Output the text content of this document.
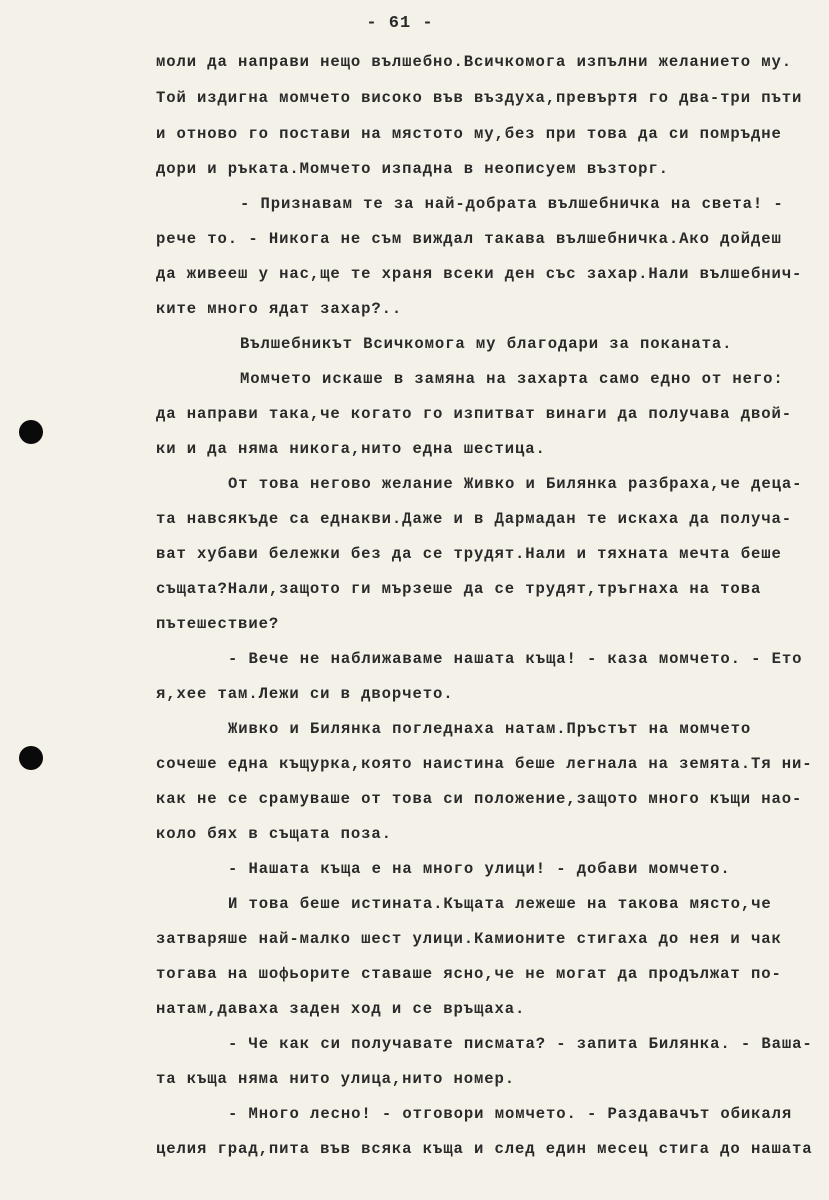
- 61 -
моли да направи нещо вълшебно.Всичкомога изпълни желанието му.
Той издигна момчето високо във въздуха,превъртя го два-три пъти
и отново го постави на мястото му,без при това да си помръдне
дори и ръката.Момчето изпадна в неописуем възторг.
- Признавам те за най-добрата вълшебничка на света! -
рече то. - Никога не съм виждал такава вълшебничка.Ако дойдеш
да живееш у нас,ще те храня всеки ден със захар.Нали вълшебнич-
ките много ядат захар?..
Вълшебникът Всичкомога му благодари за поканата.
Момчето искаше в замяна на захарта само едно от него:
да направи така,че когато го изпитват винаги да получава двой-
ки и да няма никога,нито една шестица.
От това негово желание Живко и Билянка разбраха,че деца-
та навсякъде са еднакви.Даже и в Дармадан те искаха да получа-
ват хубави бележки без да се трудят.Нали и тяхната мечта беше
същата?Нали,защото ги мързеше да се трудят,тръгнаха на това
пътешествие?
- Вече не наближаваме нашата къща! - каза момчето. - Ето
я,хее там.Лежи си в дворчето.
Живко и Билянка погледнаха натам.Пръстът на момчето
сочеше една къщурка,която наистина беше легнала на земята.Тя ни-
как не се срамуваше от това си положение,защото много къщи нао-
коло бях в същата поза.
- Нашата къща е на много улици! - добави момчето.
И това беше истината.Къщата лежеше на такова място,че
затваряше най-малко шест улици.Камионите стигаха до нея и чак
тогава на шофьорите ставаше ясно,че не могат да продължат по-
натам,даваха заден ход и се връщаха.
- Че как си получавате писмата? - запита Билянка. - Ваша-
та къща няма нито улица,нито номер.
- Много лесно! - отговори момчето. - Раздавачът обикаля
целия град,пита във всяка къща и след един месец стига до нашата
